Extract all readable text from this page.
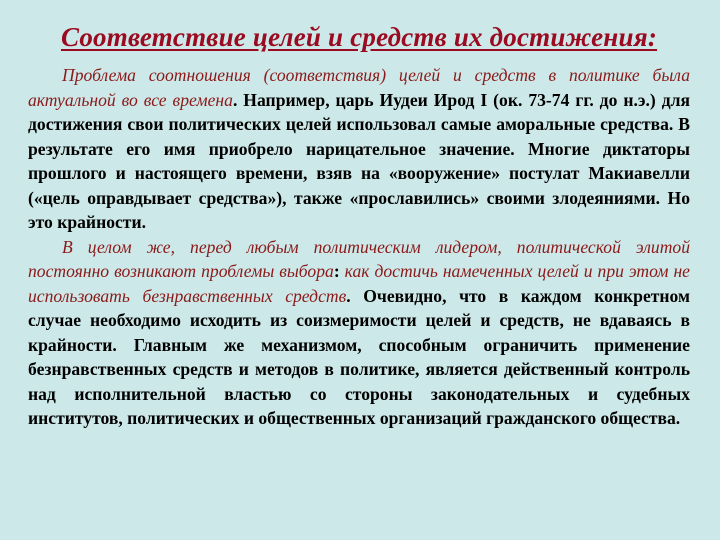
Соответствие целей и средств их достижения:

Проблема соотношения (соответствия) целей и средств в политике была актуальной во все времена. Например, царь Иудеи Ирод I (ок. 73-74 гг. до н.э.) для достижения свои политических целей использовал самые аморальные средства. В результате его имя приобрело нарицательное значение. Многие диктаторы прошлого и настоящего времени, взяв на «вооружение» постулат Макиавелли («цель оправдывает средства»), также «прославились» своими злодеяниями. Но это крайности.

В целом же, перед любым политическим лидером, политической элитой постоянно возникают проблемы выбора: как достичь намеченных целей и при этом не использовать безнравственных средств. Очевидно, что в каждом конкретном случае необходимо исходить из соизмеримости целей и средств, не вдаваясь в крайности. Главным же механизмом, способным ограничить применение безнравственных средств и методов в политике, является действенный контроль над исполнительной властью со стороны законодательных и судебных институтов, политических и общественных организаций гражданского общества.
